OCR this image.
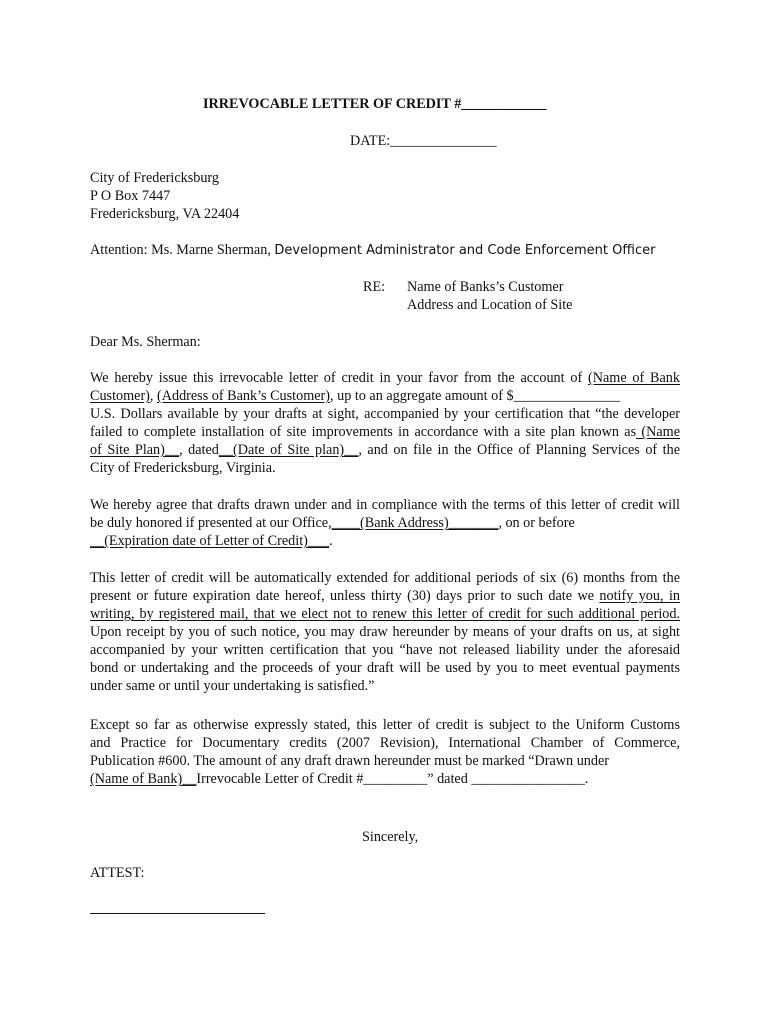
IRREVOCABLE LETTER OF CREDIT #____________
DATE:_______________
City of Fredericksburg
P O Box 7447
Fredericksburg, VA 22404
Attention: Ms. Marne Sherman, Development Administrator and Code Enforcement Officer
RE: Name of Banks’s Customer
Address and Location of Site
Dear Ms. Sherman:
We hereby issue this irrevocable letter of credit in your favor from the account of (Name of Bank
Customer), (Address of Bank’s Customer), up to an aggregate amount of $_______________
U.S. Dollars available by your drafts at sight, accompanied by your certification that “the developer
failed to complete installation of site improvements in accordance with a site plan known as (Name
of Site Plan)__, dated__(Date of Site plan)__, and on file in the Office of Planning Services of the
City of Fredericksburg, Virginia.
We hereby agree that drafts drawn under and in compliance with the terms of this letter of credit will
be duly honored if presented at our Office,____(Bank Address)_______, on or before
__(Expiration date of Letter of Credit)___.
This letter of credit will be automatically extended for additional periods of six (6) months from the
present or future expiration date hereof, unless thirty (30) days prior to such date we notify you, in
writing, by registered mail, that we elect not to renew this letter of credit for such additional period.
Upon receipt by you of such notice, you may draw hereunder by means of your drafts on us, at sight
accompanied by your written certification that you “have not released liability under the aforesaid
bond or undertaking and the proceeds of your draft will be used by you to meet eventual payments
under same or until your undertaking is satisfied.”
Except so far as otherwise expressly stated, this letter of credit is subject to the Uniform Customs
and Practice for Documentary credits (2007 Revision), International Chamber of Commerce,
Publication #600. The amount of any draft drawn hereunder must be marked “Drawn under
(Name of Bank)__Irrevocable Letter of Credit #_________” dated ________________.
Sincerely,
ATTEST:
